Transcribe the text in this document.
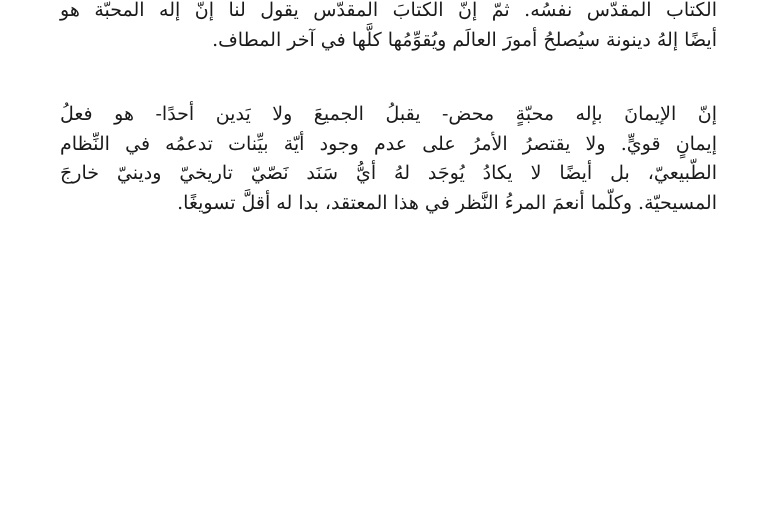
الكتاب المقدّس نفسُه. ثمّ إنّ الكتابَ المقدّس يقول لنا إنّ إله المحبّة هو
أيضًا إلهُ دينونة سيُصلحُ أمورَ العالَم ويُقوِّمُها كلَّها في آخر المطاف.
إنّ الإيمانَ بإله محبّةٍ محض- يقبلُ الجميعَ ولا يَدين أحدًا- هو فعلُ
إيمانٍ قويٍّ. ولا يقتصرُ الأمرُ على عدم وجود أيّة بيِّنات تدعمُه في النِّظام
الطّبيعيّ، بل أيضًا لا يكادُ يُوجَد لهُ أيُّ سَنَد نَصّيّ تاريخيّ ودينيّ خارجَ
المسيحيّة. وكلّما أنعمَ المرءُ النَّظر في هذا المعتقد، بدا له أقلَّ تسويغًا.
